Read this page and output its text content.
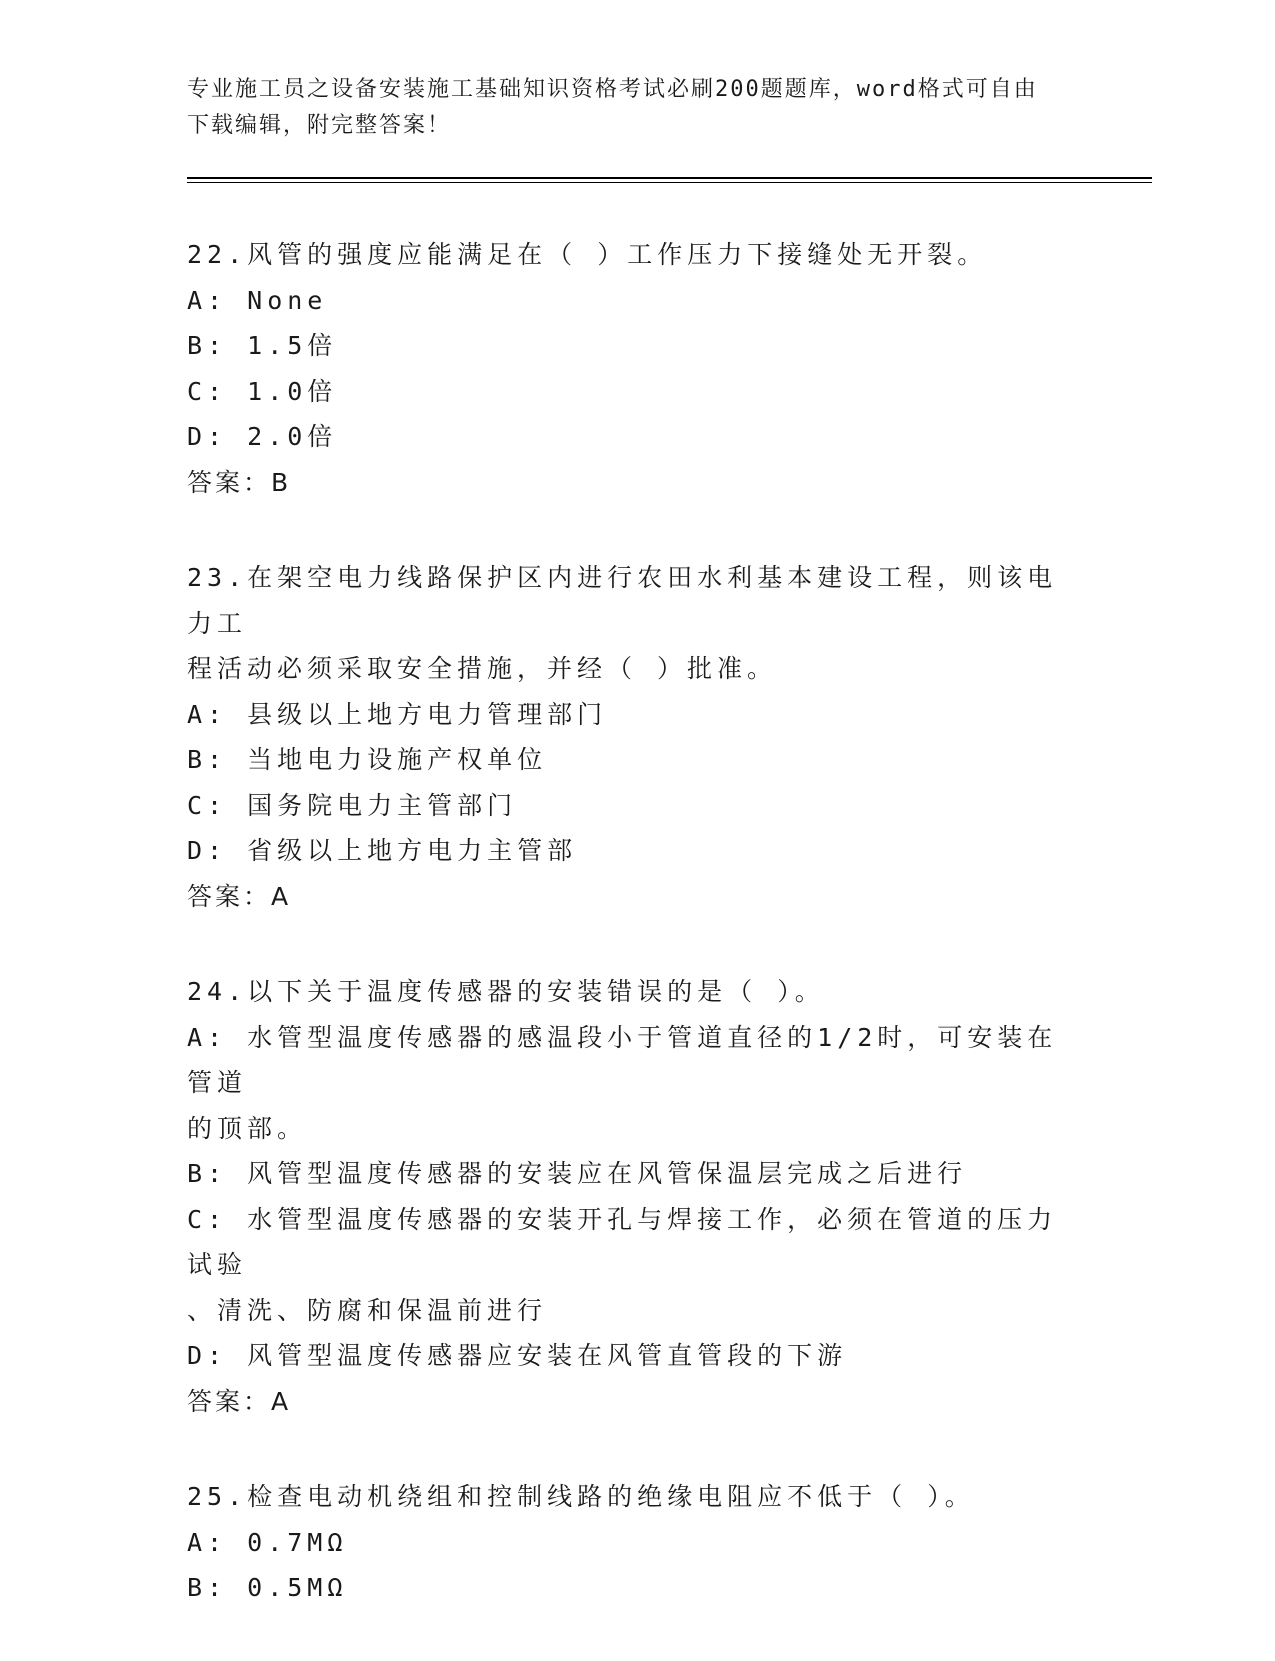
专业施工员之设备安装施工基础知识资格考试必刷200题题库，word格式可自由
下载编辑，附完整答案！
22.风管的强度应能满足在（ ）工作压力下接缝处无开裂。
A: None
B: 1.5倍
C: 1.0倍
D: 2.0倍
答案：B
23.在架空电力线路保护区内进行农田水利基本建设工程，则该电力工
程活动必须采取安全措施，并经（ ）批准。
A: 县级以上地方电力管理部门
B: 当地电力设施产权单位
C: 国务院电力主管部门
D: 省级以上地方电力主管部
答案：A
24.以下关于温度传感器的安装错误的是（ ）。
A: 水管型温度传感器的感温段小于管道直径的1/2时，可安装在管道
的顶部。
B: 风管型温度传感器的安装应在风管保温层完成之后进行
C: 水管型温度传感器的安装开孔与焊接工作，必须在管道的压力试验
、清洗、防腐和保温前进行
D: 风管型温度传感器应安装在风管直管段的下游
答案：A
25.检查电动机绕组和控制线路的绝缘电阻应不低于（ ）。
A: 0.7MΩ
B: 0.5MΩ
